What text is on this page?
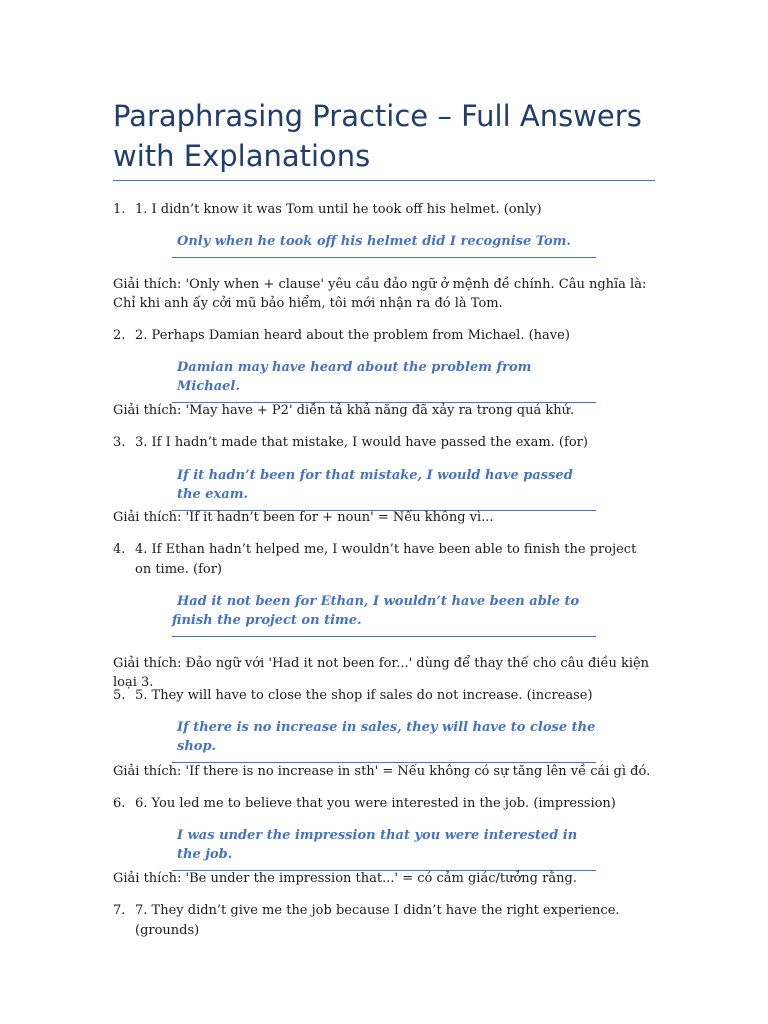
Paraphrasing Practice – Full Answers with Explanations
1. 1. I didn’t know it was Tom until he took off his helmet. (only)
Only when he took off his helmet did I recognise Tom.
Giải thích: 'Only when + clause' yêu cầu đảo ngữ ở mệnh đề chính. Câu nghĩa là: Chỉ khi anh ấy cởi mũ bảo hiểm, tôi mới nhận ra đó là Tom.
2. 2. Perhaps Damian heard about the problem from Michael. (have)
Damian may have heard about the problem from Michael.
Giải thích: 'May have + P2' diễn tả khả năng đã xảy ra trong quá khứ.
3. 3. If I hadn’t made that mistake, I would have passed the exam. (for)
If it hadn’t been for that mistake, I would have passed the exam.
Giải thích: 'If it hadn’t been for + noun' = Nếu không vì...
4. 4. If Ethan hadn’t helped me, I wouldn’t have been able to finish the project on time. (for)
Had it not been for Ethan, I wouldn’t have been able to finish the project on time.
Giải thích: Đảo ngữ với 'Had it not been for...' dùng để thay thế cho câu điều kiện loại 3.
5. 5. They will have to close the shop if sales do not increase. (increase)
If there is no increase in sales, they will have to close the shop.
Giải thích: 'If there is no increase in sth' = Nếu không có sự tăng lên về cái gì đó.
6. 6. You led me to believe that you were interested in the job. (impression)
I was under the impression that you were interested in the job.
Giải thích: 'Be under the impression that...' = có cảm giác/tưởng rằng.
7. 7. They didn’t give me the job because I didn’t have the right experience. (grounds)
